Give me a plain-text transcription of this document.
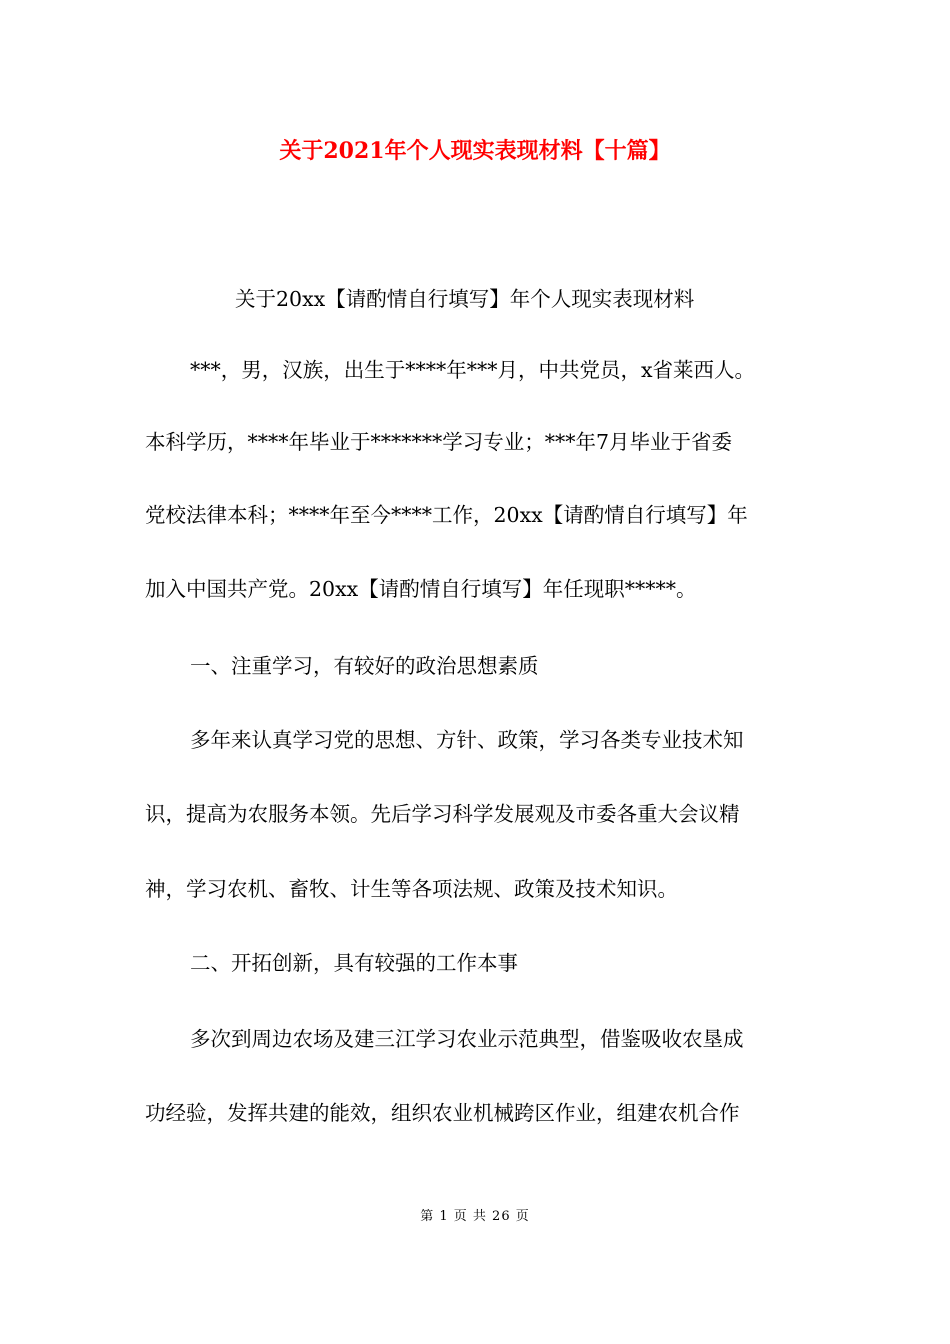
关于2021年个人现实表现材料【十篇】
关于20xx【请酌情自行填写】年个人现实表现材料
***，男，汉族，出生于****年***月，中共党员，x省莱西人。
本科学历，****年毕业于*******学习专业；***年7月毕业于省委
党校法律本科；****年至今****工作，20xx【请酌情自行填写】年
加入中国共产党。20xx【请酌情自行填写】年任现职*****。
一、注重学习，有较好的政治思想素质
多年来认真学习党的思想、方针、政策，学习各类专业技术知
识，提高为农服务本领。先后学习科学发展观及市委各重大会议精
神，学习农机、畜牧、计生等各项法规、政策及技术知识。
二、开拓创新，具有较强的工作本事
多次到周边农场及建三江学习农业示范典型，借鉴吸收农垦成
功经验，发挥共建的能效，组织农业机械跨区作业，组建农机合作
第 1 页 共 26 页
